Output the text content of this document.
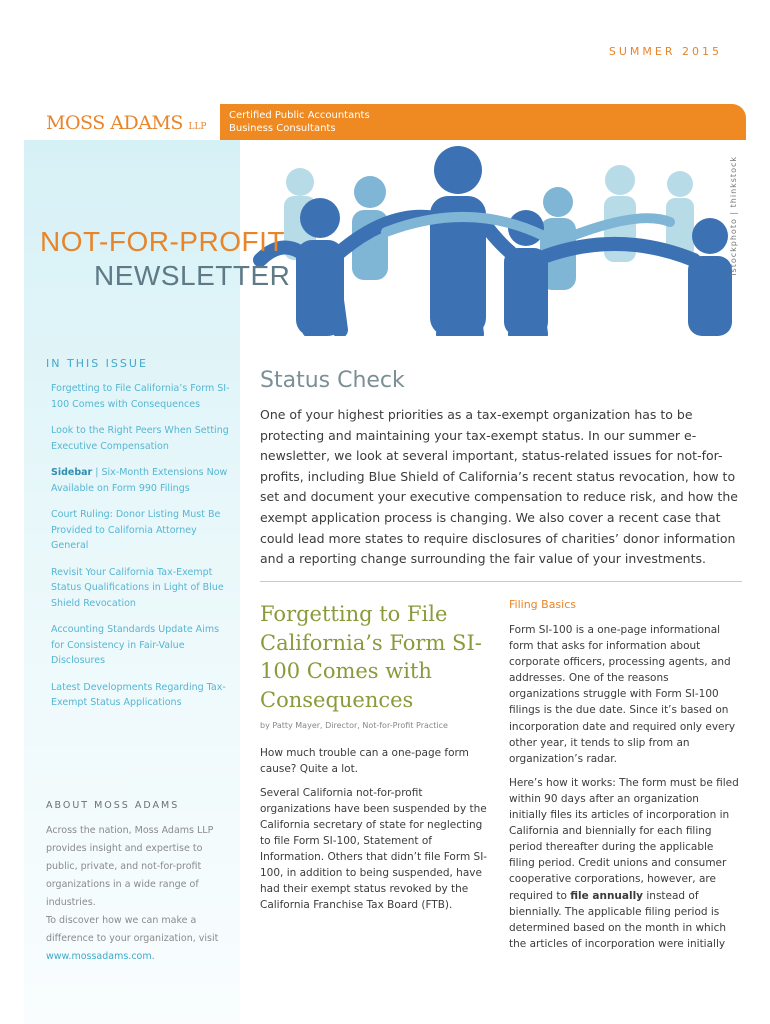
SUMMER 2015
MOSS ADAMS LLP
Certified Public Accountants
Business Consultants
istockphoto | thinkstock
NOT-FOR-PROFIT
NEWSLETTER
IN THIS ISSUE
Forgetting to File California’s Form SI-100 Comes with Consequences
Look to the Right Peers When Setting Executive Compensation
Sidebar | Six-Month Extensions Now Available on Form 990 Filings
Court Ruling: Donor Listing Must Be Provided to California Attorney General
Revisit Your California Tax-Exempt Status Qualifications in Light of Blue Shield Revocation
Accounting Standards Update Aims for Consistency in Fair-Value Disclosures
Latest Developments Regarding Tax-Exempt Status Applications
ABOUT MOSS ADAMS

Across the nation, Moss Adams LLP provides insight and expertise to public, private, and not-for-profit organizations in a wide range of industries.

To discover how we can make a difference to your organization, visit www.mossadams.com.

Status Check

One of your highest priorities as a tax-exempt organization has to be protecting and maintaining your tax-exempt status. In our summer e-newsletter, we look at several important, status-related issues for not-for-profits, including Blue Shield of California’s recent status revocation, how to set and document your executive compensation to reduce risk, and how the exempt application process is changing. We also cover a recent case that could lead more states to require disclosures of charities’ donor information and a reporting change surrounding the fair value of your investments.

Forgetting to File California’s Form SI-100 Comes with Consequences
by Patty Mayer, Director, Not-for-Profit Practice

How much trouble can a one-page form cause? Quite a lot.

Several California not-for-profit organizations have been suspended by the California secretary of state for neglecting to file Form SI-100, Statement of Information. Others that didn’t file Form SI-100, in addition to being suspended, have had their exempt status revoked by the California Franchise Tax Board (FTB).

Filing Basics

Form SI-100 is a one-page informational form that asks for information about corporate officers, processing agents, and addresses. One of the reasons organizations struggle with Form SI-100 filings is the due date. Since it’s based on incorporation date and required only every other year, it tends to slip from an organization’s radar.

Here’s how it works: The form must be filed within 90 days after an organization initially files its articles of incorporation in California and biennially for each filing period thereafter during the applicable filing period. Credit unions and consumer cooperative corporations, however, are required to file annually instead of biennially. The applicable filing period is determined based on the month in which the articles of incorporation were initially
